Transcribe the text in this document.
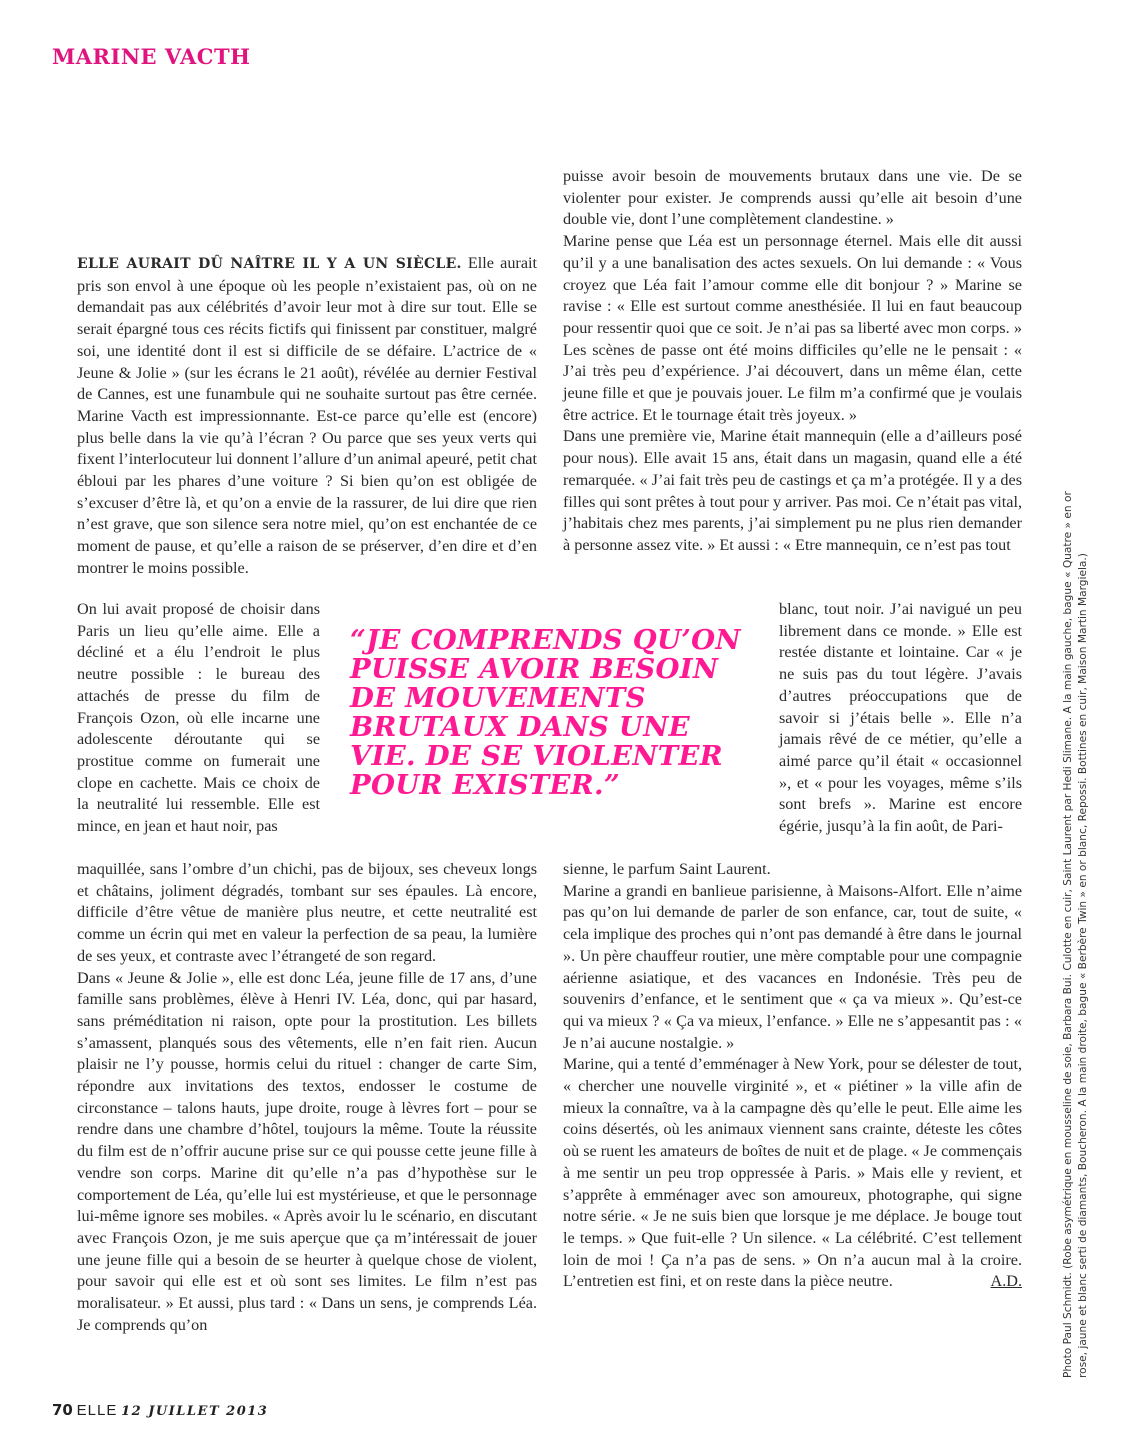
MARINE VACTH

ELLE AURAIT DÛ NAÎTRE IL Y A UN SIÈCLE. Elle aurait pris son envol à une époque où les people n’existaient pas, où on ne demandait pas aux célébrités d’avoir leur mot à dire sur tout. Elle se serait épargné tous ces récits fictifs qui finissent par constituer, malgré soi, une identité dont il est si difficile de se défaire. L’actrice de « Jeune & Jolie » (sur les écrans le 21 août), révélée au dernier Festival de Cannes, est une funambule qui ne souhaite surtout pas être cernée. Marine Vacth est impressionnante. Est-ce parce qu’elle est (encore) plus belle dans la vie qu’à l’écran ? Ou parce que ses yeux verts qui fixent l’interlocuteur lui donnent l’allure d’un animal apeuré, petit chat ébloui par les phares d’une voiture ? Si bien qu’on est obligée de s’excuser d’être là, et qu’on a envie de la rassurer, de lui dire que rien n’est grave, que son silence sera notre miel, qu’on est enchantée de ce moment de pause, et qu’elle a raison de se préserver, d’en dire et d’en montrer le moins possible.

On lui avait proposé de choisir dans Paris un lieu qu’elle aime. Elle a décliné et a élu l’endroit le plus neutre possible : le bureau des attachés de presse du film de François Ozon, où elle incarne une adolescente déroutante qui se prostitue comme on fumerait une clope en cachette. Mais ce choix de la neutralité lui ressemble. Elle est mince, en jean et haut noir, pas

maquillée, sans l’ombre d’un chichi, pas de bijoux, ses cheveux longs et châtains, joliment dégradés, tombant sur ses épaules. Là encore, difficile d’être vêtue de manière plus neutre, et cette neutralité est comme un écrin qui met en valeur la perfection de sa peau, la lumière de ses yeux, et contraste avec l’étrangeté de son regard.

Dans « Jeune & Jolie », elle est donc Léa, jeune fille de 17 ans, d’une famille sans problèmes, élève à Henri IV. Léa, donc, qui par hasard, sans préméditation ni raison, opte pour la prostitution. Les billets s’amassent, planqués sous des vêtements, elle n’en fait rien. Aucun plaisir ne l’y pousse, hormis celui du rituel : changer de carte Sim, répondre aux invitations des textos, endosser le costume de circonstance – talons hauts, jupe droite, rouge à lèvres fort – pour se rendre dans une chambre d’hôtel, toujours la même. Toute la réussite du film est de n’offrir aucune prise sur ce qui pousse cette jeune fille à vendre son corps. Marine dit qu’elle n’a pas d’hypothèse sur le comportement de Léa, qu’elle lui est mystérieuse, et que le personnage lui-même ignore ses mobiles. « Après avoir lu le scénario, en discutant avec François Ozon, je me suis aperçue que ça m’intéressait de jouer une jeune fille qui a besoin de se heurter à quelque chose de violent, pour savoir qui elle est et où sont ses limites. Le film n’est pas moralisateur. » Et aussi, plus tard : « Dans un sens, je comprends Léa. Je comprends qu’on

puisse avoir besoin de mouvements brutaux dans une vie. De se violenter pour exister. Je comprends aussi qu’elle ait besoin d’une double vie, dont l’une complètement clandestine. »

Marine pense que Léa est un personnage éternel. Mais elle dit aussi qu’il y a une banalisation des actes sexuels. On lui demande : « Vous croyez que Léa fait l’amour comme elle dit bonjour ? » Marine se ravise : « Elle est surtout comme anesthésiée. Il lui en faut beaucoup pour ressentir quoi que ce soit. Je n’ai pas sa liberté avec mon corps. » Les scènes de passe ont été moins difficiles qu’elle ne le pensait : « J’ai très peu d’expérience. J’ai découvert, dans un même élan, cette jeune fille et que je pouvais jouer. Le film m’a confirmé que je voulais être actrice. Et le tournage était très joyeux. »

Dans une première vie, Marine était mannequin (elle a d’ailleurs posé pour nous). Elle avait 15 ans, était dans un magasin, quand elle a été remarquée. « J’ai fait très peu de castings et ça m’a protégée. Il y a des filles qui sont prêtes à tout pour y arriver. Pas moi. Ce n’était pas vital, j’habitais chez mes parents, j’ai simplement pu ne plus rien demander à personne assez vite. » Et aussi : « Etre mannequin, ce n’est pas tout

blanc, tout noir. J’ai navigué un peu librement dans ce monde. » Elle est restée distante et lointaine. Car « je ne suis pas du tout légère. J’avais d’autres préoccupations que de savoir si j’étais belle ». Elle n’a jamais rêvé de ce métier, qu’elle a aimé parce qu’il était « occasionnel », et « pour les voyages, même s’ils sont brefs ». Marine est encore égérie, jusqu’à la fin août, de Pari-

sienne, le parfum Saint Laurent.

Marine a grandi en banlieue parisienne, à Maisons-Alfort. Elle n’aime pas qu’on lui demande de parler de son enfance, car, tout de suite, « cela implique des proches qui n’ont pas demandé à être dans le journal ». Un père chauffeur routier, une mère comptable pour une compagnie aérienne asiatique, et des vacances en Indonésie. Très peu de souvenirs d’enfance, et le sentiment que « ça va mieux ». Qu’est-ce qui va mieux ? « Ça va mieux, l’enfance. » Elle ne s’appesantit pas : « Je n’ai aucune nostalgie. »

Marine, qui a tenté d’emménager à New York, pour se délester de tout, « chercher une nouvelle virginité », et « piétiner » la ville afin de mieux la connaître, va à la campagne dès qu’elle le peut. Elle aime les coins désertés, où les animaux viennent sans crainte, déteste les côtes où se ruent les amateurs de boîtes de nuit et de plage. « Je commençais à me sentir un peu trop oppressée à Paris. » Mais elle y revient, et s’apprête à emménager avec son amoureux, photographe, qui signe notre série. « Je ne suis bien que lorsque je me déplace. Je bouge tout le temps. » Que fuit-elle ? Un silence. « La célébrité. C’est tellement loin de moi ! Ça n’a pas de sens. » On n’a aucun mal à la croire. L’entretien est fini, et on reste dans la pièce neutre.	A.D.

“JE COMPRENDS QU’ON PUISSE AVOIR BESOIN DE MOUVEMENTS BRUTAUX DANS UNE VIE. DE SE VIOLENTER POUR EXISTER.”
70 ELLE 12 JUILLET 2013
Photo Paul Schmidt. (Robe asymétrique en mousseline de soie, Barbara Bui. Culotte en cuir, Saint Laurent par Hedi Slimane. A la main gauche, bague « Quatre » en or rose, jaune et blanc serti de diamants, Boucheron. A la main droite, bague « Berbère Twin » en or blanc, Repossi. Bottines en cuir, Maison Martin Margiela.)
